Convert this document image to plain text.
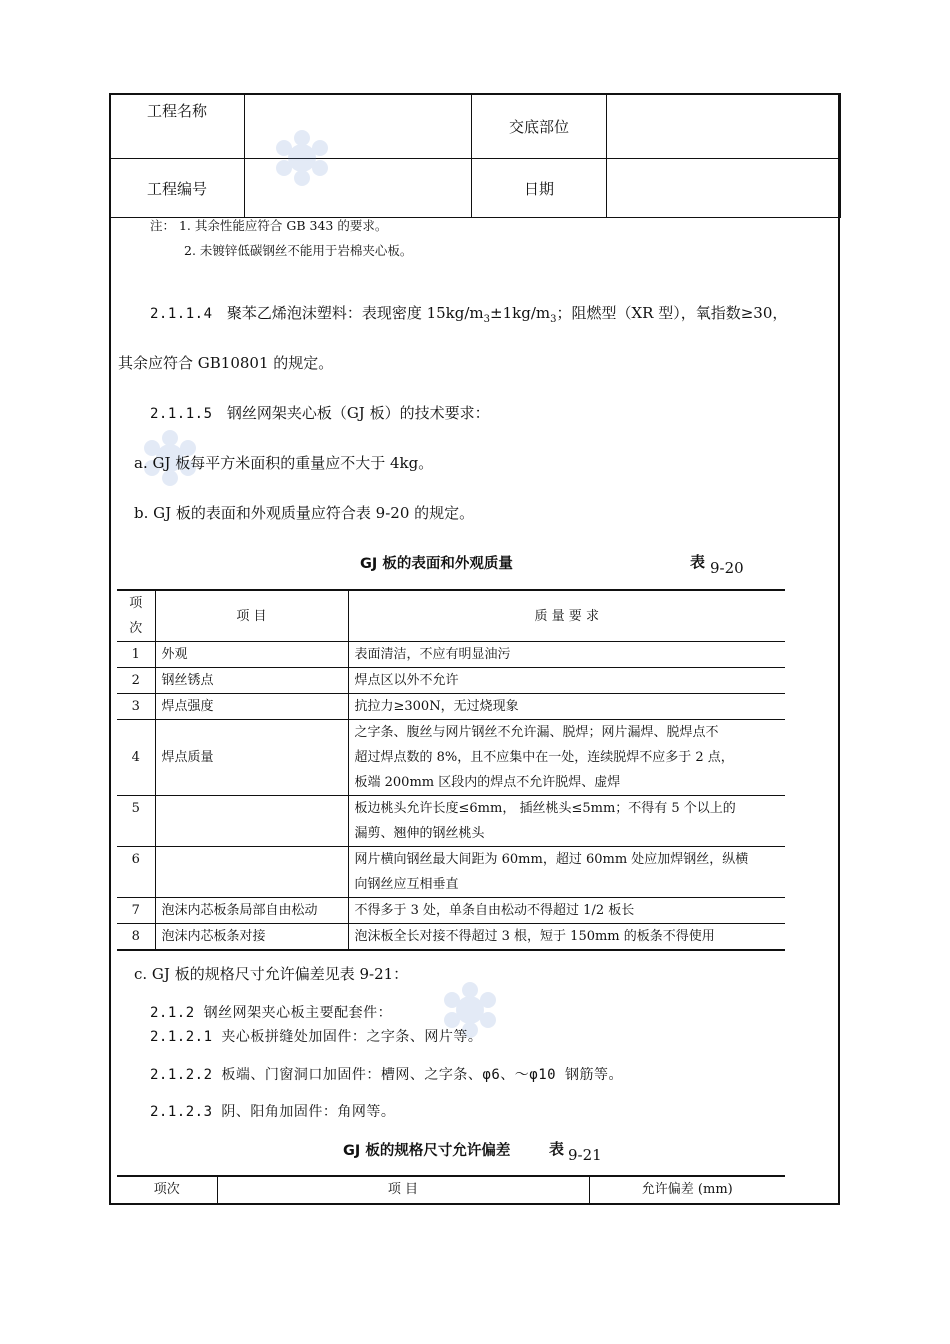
工程名称		交底部位	
工程编号		日期	
注： 1. 其余性能应符合 GB 343 的要求。
2. 未镀锌低碳钢丝不能用于岩棉夹心板。
2.1.1.4 聚苯乙烯泡沫塑料：表现密度 $15kg/m_3\pm 1kg/m_3$；阻燃型（XR 型），氧指数≥30，
其余应符合 GB10801 的规定。
2.1.1.5 钢丝网架夹心板（GJ 板）的技术要求：
a. GJ 板每平方米面积的重量应不大于 4kg。
b. GJ 板的表面和外观质量应符合表 9-20 的规定。
GJ 板的表面和外观质量	表 9-20
项次	项 目	质 量 要 求
1	外观	表面清洁，不应有明显油污
2	钢丝锈点	焊点区以外不允许
3	焊点强度	抗拉力≥300N，无过烧现象
4	焊点质量	之字条、腹丝与网片钢丝不允许漏、脱焊；网片漏焊、脱焊点不
超过焊点数的 8%，且不应集中在一处，连续脱焊不应多于 2 点，
板端 200mm 区段内的焊点不允许脱焊、虚焊

5		板边桃头允许长度≤6mm， 插丝桃头≤5mm；不得有 5 个以上的
漏剪、翘伸的钢丝桃头

6		网片横向钢丝最大间距为 60mm，超过 60mm 处应加焊钢丝，纵横
向钢丝应互相垂直

7	泡沫内芯板条局部自由松动	不得多于 3 处，单条自由松动不得超过 1/2 板长
8	泡沫内芯板条对接	泡沫板全长对接不得超过 3 根，短于 150mm 的板条不得使用
c. GJ 板的规格尺寸允许偏差见表 9-21：
2.1.2 钢丝网架夹心板主要配套件：
2.1.2.1 夹心板拼缝处加固件：之字条、网片等。
2.1.2.2 板端、门窗洞口加固件：槽网、之字条、φ6、～φ10 钢筋等。
2.1.2.3 阴、阳角加固件：角网等。
GJ 板的规格尺寸允许偏差	表 9-21
项次	项 目	允许偏差 (mm)
